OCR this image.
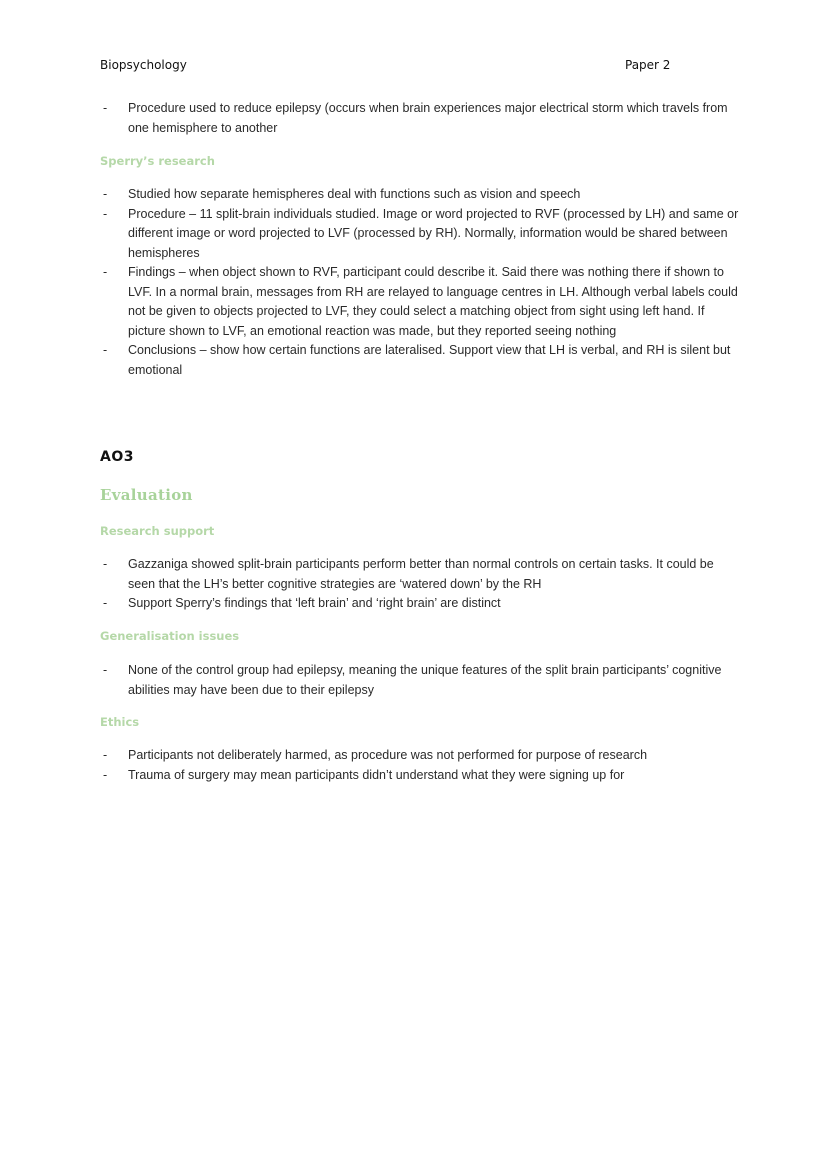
Biopsychology	Paper 2
- Procedure used to reduce epilepsy (occurs when brain experiences major electrical storm which travels from one hemisphere to another
Sperry’s research
- Studied how separate hemispheres deal with functions such as vision and speech
- Procedure – 11 split-brain individuals studied. Image or word projected to RVF (processed by LH) and same or different image or word projected to LVF (processed by RH). Normally, information would be shared between hemispheres
- Findings – when object shown to RVF, participant could describe it. Said there was nothing there if shown to LVF. In a normal brain, messages from RH are relayed to language centres in LH. Although verbal labels could not be given to objects projected to LVF, they could select a matching object from sight using left hand. If picture shown to LVF, an emotional reaction was made, but they reported seeing nothing
- Conclusions – show how certain functions are lateralised. Support view that LH is verbal, and RH is silent but emotional
AO3
Evaluation
Research support
- Gazzaniga showed split-brain participants perform better than normal controls on certain tasks. It could be seen that the LH’s better cognitive strategies are ‘watered down’ by the RH
- Support Sperry’s findings that ‘left brain’ and ‘right brain’ are distinct
Generalisation issues
- None of the control group had epilepsy, meaning the unique features of the split brain participants’ cognitive abilities may have been due to their epilepsy
Ethics
- Participants not deliberately harmed, as procedure was not performed for purpose of research
- Trauma of surgery may mean participants didn’t understand what they were signing up for
